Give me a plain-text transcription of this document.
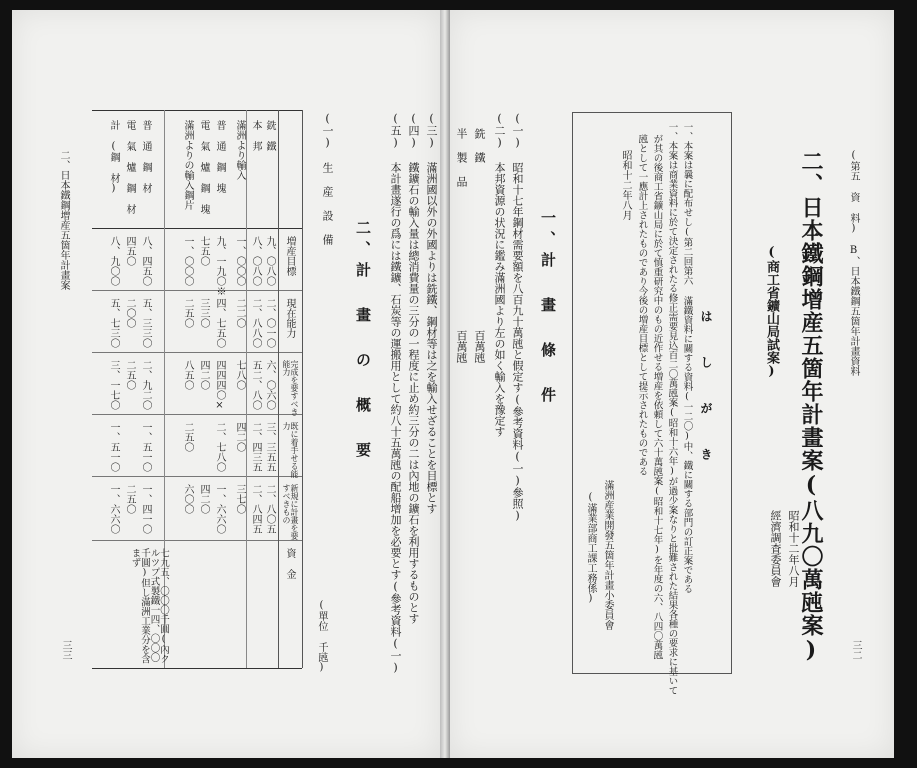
(第五 資 料) B、日本鐵鋼五箇年計畫資料
三二
二、日本鐵鋼增産五箇年計畫案(八九〇萬瓲案)
(商工省鑛山局試案)
昭和十二年八月
經濟調査委員會
は し が き
一、本案は曩に配布せし(第二回第六 滿鐵資料に關する資料(一二〇)中、鐵に關する部門の訂正案である
一、本案は商業資料に於て決定されたる修正需要見込百二〇萬瓲案(昭和十六年)が過少案なりと批難された結果各種の要求に基いて
が其の後商工省鑛山局に於て慎重研究中のもの近作せる増産を依頼して六十萬瓲案(昭和十七年)を年度の六、八四〇萬瓲
瓲として一應計上されたものであり今後の増産目標として提示されたものである
昭和十二年八月
滿洲産業開發五箇年計畫小委員會
(滿業部商工課工務係)
一、計 畫 條 件
(一) 昭和十七年鋼材需要額を八百九十萬瓲と假定す(參考資料(一)參照)
(二) 本邦資源の状況に鑑み滿洲國より左の如く輸入を豫定す
銑 鐵
百萬瓲
半 製 品
百萬瓲
(三) 滿洲國以外の外國よりは銑鐵、鋼材等は之を輸入せざることを目標とす
(四) 鐵鑛石の輸入量は總消費量の三分の一程度に止め約三分の二は內地の鑛石を利用するものとす
(五) 本計畫遂行の爲には鐵鑛、石炭等の運搬用として約八十五萬瓲の配船增加を必要とす(參考資料(一)
二、計 畫 の 概 要
(一) 生 産 設 備
(單位 千瓲)
二、日本鐵鋼增産五箇年計畫案
三三
増産目標
現在能力
完成を要すべき能力
既に着手せる能力
新規に計畫を要すべきもの
資 金
銑 鐵
九、〇八〇
二、〇一〇
六、〇六〇
三、三五五
二、八〇五
本 邦
八、〇八〇
二、八八〇
五二、八〇
二、四三五
二、八四五
滿洲より輸入
一、〇〇〇
二二〇
七八〇
四二〇
三七〇
普 通 鋼 塊
九、一九〇※
四、七五〇
四四四〇×
二、七八〇
一、六六〇
七九五、〇〇〇千圓(內クルツプ式製鐵一四、〇〇〇千圓)但し滿洲工業分を含まず
電 氣 爐 鋼 塊
七五〇
三三〇
四二〇
四二〇
滿洲よりの輸入鋼片
一、〇〇〇
二五〇
八五〇
二五〇
六〇〇
普 通 鋼 材
八、四五〇
五、三三〇
二、九二〇
一、五一〇
一、四一〇
電 氣 爐 鋼 材
四五〇
二〇〇
二五〇
二五〇
計 (鋼 材)
八、九〇〇
五、七三〇
三、一七〇
一、五一〇
一、六六〇
